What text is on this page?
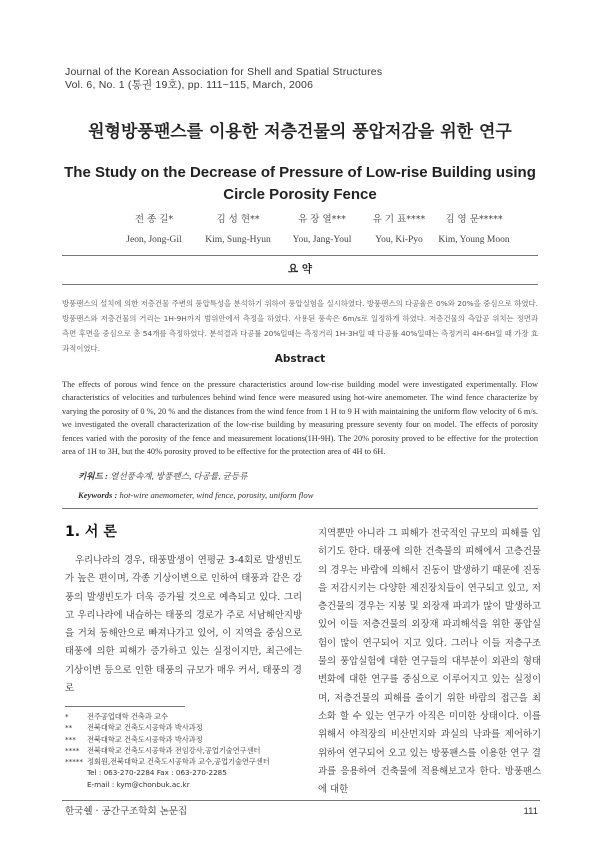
Journal of the Korean Association for Shell and Spatial Structures
Vol. 6, No. 1 (통권 19호), pp. 111~115, March, 2006
원형방풍팬스를 이용한 저층건물의 풍압저감을 위한 연구
The Study on the Decrease of Pressure of Low-rise Building using Circle Porosity Fence
전 종 길*
Jeon, Jong-Gil
김 성 현**
Kim, Sung-Hyun
유 장 열***
You, Jang-Youl
유 기 표****
You, Ki-Pyo
김 영 문*****
Kim, Young Moon
요 약
방풍팬스의 설치에 의한 저층건물 주변의 풍압특성을 분석하기 위하여 풍압실험을 실시하였다. 방풍팬스의 다공율은 0%와 20%을 중심으로 하였다. 방풍팬스와 저층건물의 거리는 1H-9H까지 범위안에서 측정을 하였다. 사용된 풍속은 6m/s로 일정하게 하였다. 저층건물의 측압공 위치는 정면과 측면 후면을 중심으로 총 54개를 측정하였다. 분석결과 다공률 20%일때는 측정거리 1H-3H일 때 다공률 40%일때는 측정거리 4H-6H일 때 가장 효과적이였다.
Abstract
The effects of porous wind fence on the pressure characteristics around low-rise building model were investigated experimentally. Flow characteristics of velocities and turbulences behind wind fence were measured using hot-wire anemometer. The wind fence characterize by varying the porosity of 0 %, 20 % and the distances from the wind fence from 1 H to 9 H with maintaining the uniform flow velocity of 6 m/s. we investigated the overall characterization of the low-rise building by measuring pressure seventy four on model. The effects of porosity fences varied with the porosity of the fence and measurement locations(1H-9H). The 20% porosity proved to be effective for the protection area of 1H to 3H, but the 40% porosity proved to be effective for the protection area of 4H to 6H.
키워드 : 열선풍속계, 방풍팬스, 다공률, 균등류
Keywords : hot-wire anemometer, wind fence, porosity, uniform flow
1. 서 론
우리나라의 경우, 태풍발생이 연평균 3-4회로 발생빈도가 높은 편이며, 각종 기상이변으로 인하여 태풍과 같은 강풍의 발생빈도가 더욱 증가될 것으로 예측되고 있다. 그리고 우리나라에 내습하는 태풍의 경로가 주로 서남해안지방을 거쳐 동해안으로 빠져나가고 있어, 이 지역을 중심으로 태풍에 의한 피해가 증가하고 있는 실정이지만, 최근에는 기상이변 등으로 인한 태풍의 규모가 매우 커서, 태풍의 경로
지역뿐만 아니라 그 피해가 전국적인 규모의 피해를 입히기도 한다. 태풍에 의한 건축물의 피해에서 고층건물의 경우는 바람에 의해서 진동이 발생하기 때문에 진동을 저감시키는 다양한 제진장치들이 연구되고 있고, 저층건물의 경우는 지붕 및 외장재 파괴가 많이 발생하고 있어 이들 저층건물의 외장재 파괴해석을 위한 풍압실험이 많이 연구되어 지고 있다. 그러나 이들 저층구조물의 풍압실험에 대한 연구들의 대부분이 외관의 형태변화에 대한 연구를 중심으로 이루어지고 있는 실정이며, 저층건물의 피해를 줄이기 위한 바람의 접근을 최소화 할 수 있는 연구가 아직은 미미한 상태이다. 이를 위해서 야적장의 비산먼지와 과실의 낙과를 제어하기 위하여 연구되어 오고 있는 방풍팬스를 이용한 연구 결과를 응용하여 건축물에 적용해보고자 한다. 방풍팬스에 대한
*	전주공업대학 건축과 교수
**	전북대학교 건축도시공학과 박사과정
***	전북대학교 건축도시공학과 박사과정
****	전북대학교 건축도시공학과 전임강사,공업기술연구센터
***** 정회원,전북대학교 건축도시공학과 교수,공업기술연구센터
Tel : 063-270-2284 Fax : 063-270-2285
E-mail : kym@chonbuk.ac.kr
한국쉘 · 공간구조학회 논문집	111
